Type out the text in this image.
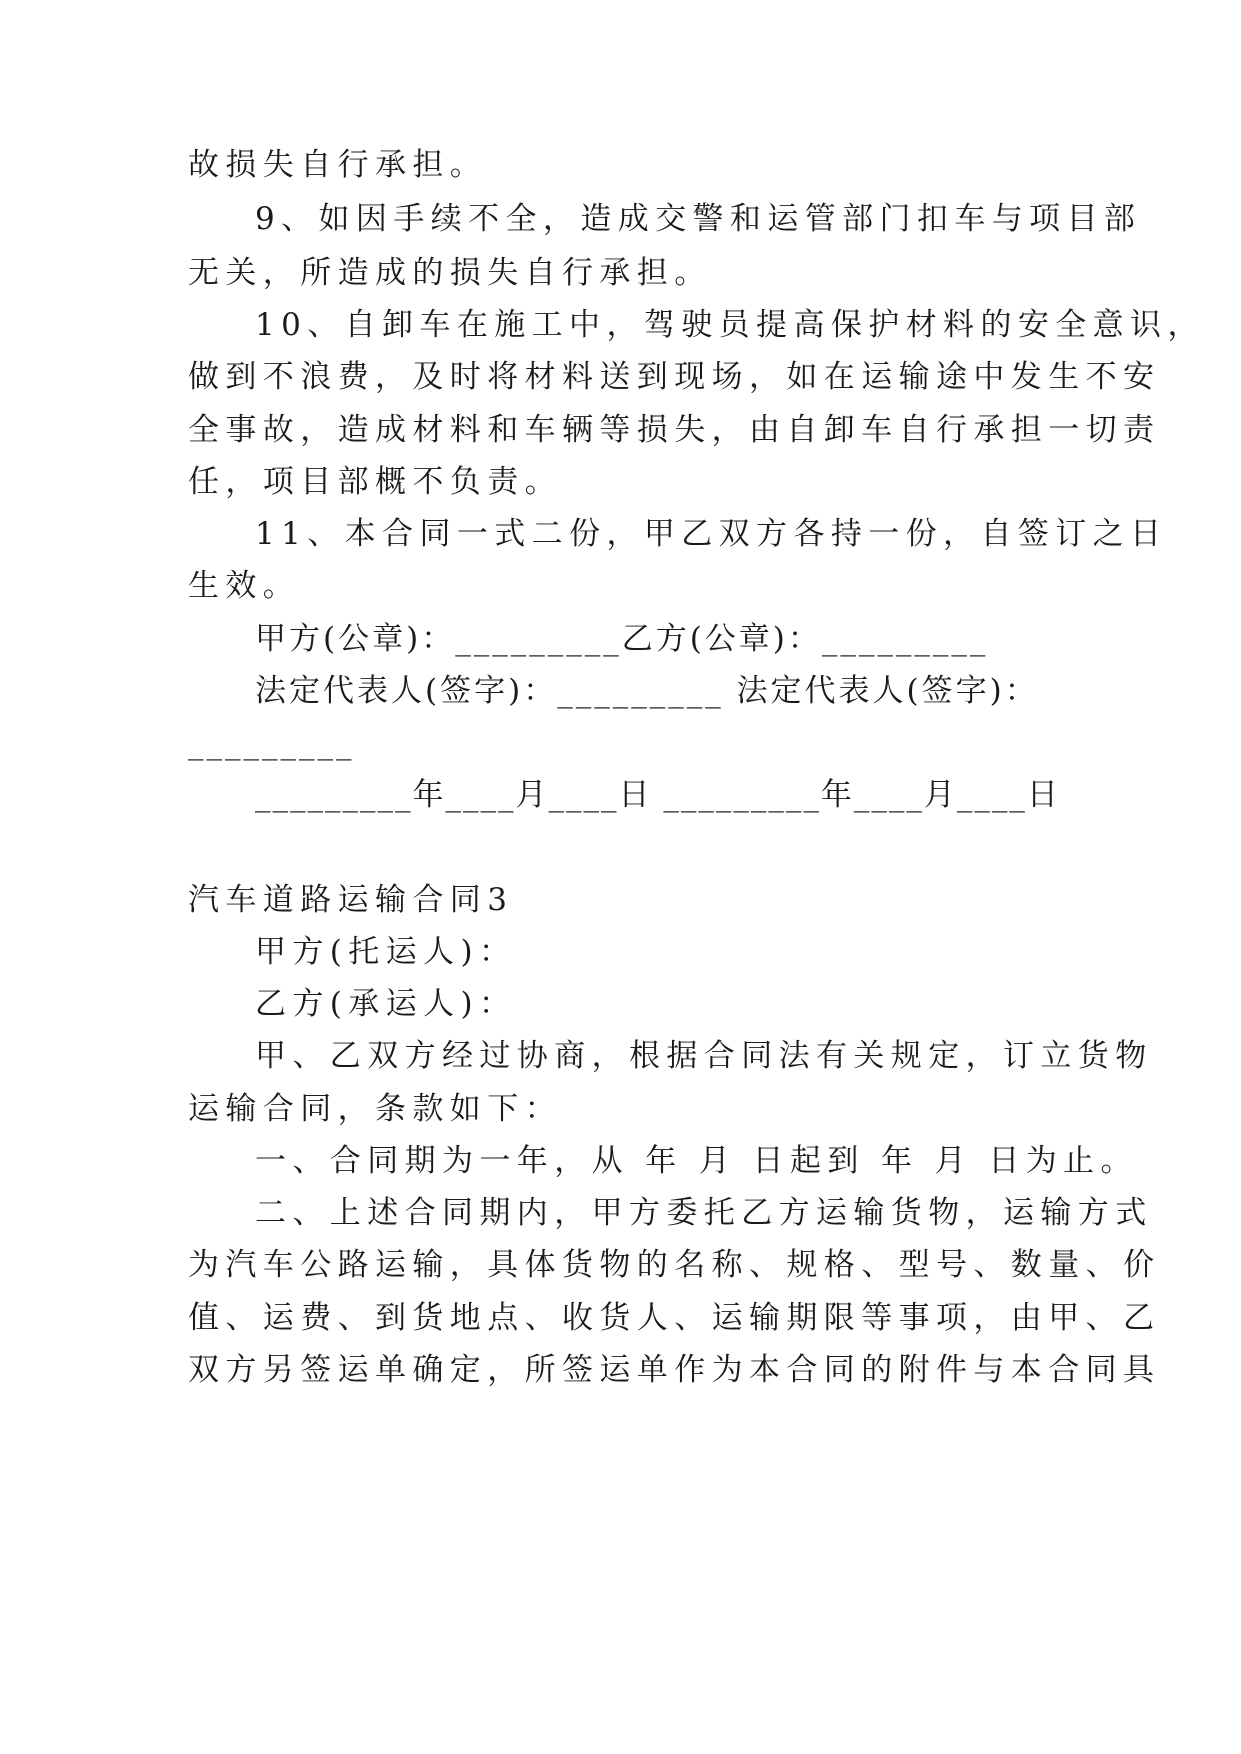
故损失自行承担。
9、如因手续不全，造成交警和运管部门扣车与项目部
无关，所造成的损失自行承担。
10、自卸车在施工中，驾驶员提高保护材料的安全意识，
做到不浪费，及时将材料送到现场，如在运输途中发生不安
全事故，造成材料和车辆等损失，由自卸车自行承担一切责
任，项目部概不负责。
11、本合同一式二份，甲乙双方各持一份，自签订之日
生效。
甲方(公章)：_________乙方(公章)：_________
法定代表人(签字)：_________ 法定代表人(签字)：
_________
_________年____月____日 _________年____月____日
汽车道路运输合同3
甲方(托运人)：
乙方(承运人)：
甲、乙双方经过协商，根据合同法有关规定，订立货物
运输合同，条款如下：
一、合同期为一年，从 年 月 日起到 年 月 日为止。
二、上述合同期内，甲方委托乙方运输货物，运输方式
为汽车公路运输，具体货物的名称、规格、型号、数量、价
值、运费、到货地点、收货人、运输期限等事项，由甲、乙
双方另签运单确定，所签运单作为本合同的附件与本合同具
